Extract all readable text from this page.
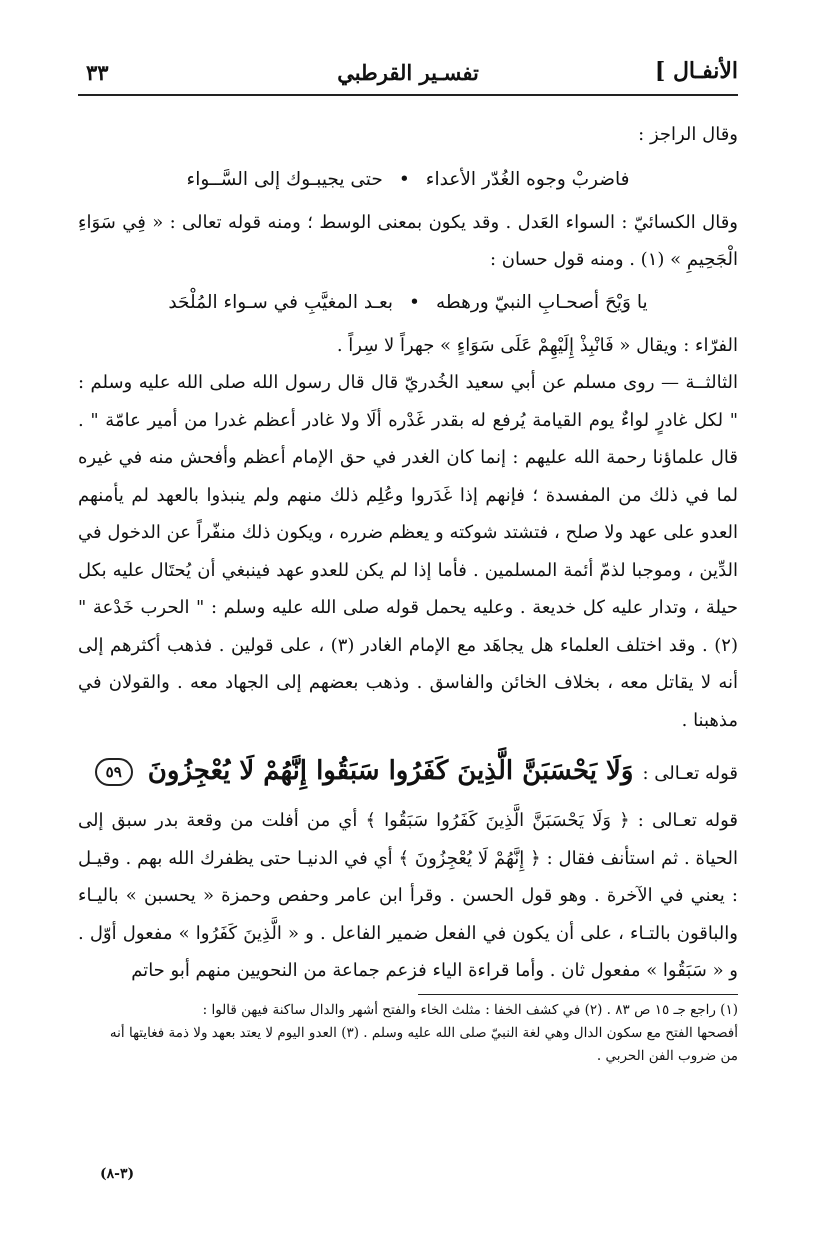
الأنفـال ]
تفسـير القرطبي
٣٣

وقال الراجز :

فاضربْ وجوه الغُدّر الأعداء•حتى يجيبـوك إلى السَّــواء

وقال الكسائيّ : السواء العَدل . وقد يكون بمعنى الوسط ؛ ومنه قوله تعالى : « فِي سَوَاءِ الْجَحِيمِ » (١) . ومنه قول حسان :

يا وَيْحَ أصحـابِ النبيّ ورهطه•بعـد المغيَّبِ في سـواء المُلْحَد

الفرّاء : ويقال « فَانْبِذْ إِلَيْهِمْ عَلَى سَوَاءٍ » جهراً لا سِراً .

الثالثــة — روى مسلم عن أبي سعيد الخُدريّ قال قال رسول الله صلى الله عليه وسلم : " لكل غادرٍ لواءٌ يوم القيامة يُرفع له بقدر غَدْره ألَا ولا غادر أعظم غدرا من أمير عامّة " . قال علماؤنا رحمة الله عليهم : إنما كان الغدر في حق الإمام أعظم وأفحش منه في غيره لما في ذلك من المفسدة ؛ فإنهم إذا غَدَروا وعُلِم ذلك منهم ولم ينبذوا بالعهد لم يأمنهم العدو على عهد ولا صلح ، فتشتد شوكته و يعظم ضرره ، ويكون ذلك منفّراً عن الدخول في الدِّين ، وموجبا لذمّ أئمة المسلمين . فأما إذا لم يكن للعدو عهد فينبغي أن يُحتَال عليه بكل حيلة ، وتدار عليه كل خديعة . وعليه يحمل قوله صلى الله عليه وسلم : " الحرب خَدْعة " (٢) . وقد اختلف العلماء هل يجاهَد مع الإمام الغادر (٣) ، على قولين . فذهب أكثرهم إلى أنه لا يقاتل معه ، بخلاف الخائن والفاسق . وذهب بعضهم إلى الجهاد معه . والقولان في مذهبنا .

قوله تعـالى : وَلَا يَحْسَبَنَّ الَّذِينَ كَفَرُوا سَبَقُوا إِنَّهُمْ لَا يُعْجِزُونَ ٥٩

قوله تعـالى : ﴿ وَلَا يَحْسَبَنَّ الَّذِينَ كَفَرُوا سَبَقُوا ﴾ أي من أفلت من وقعة بدر سبق إلى الحياة . ثم استأنف فقال : ﴿ إِنَّهُمْ لَا يُعْجِزُونَ ﴾ أي في الدنيـا حتى يظفرك الله بهم . وقيـل : يعني في الآخرة . وهو قول الحسن . وقرأ ابن عامر وحفص وحمزة « يحسبن » باليـاء والباقون بالتـاء ، على أن يكون في الفعل ضمير الفاعل . و « الَّذِينَ كَفَرُوا » مفعول أوّل . و « سَبَقُوا » مفعول ثان . وأما قراءة الياء فزعم جماعة من النحويين منهم أبو حاتم

(١) راجع جـ ١٥ ص ٨٣ . (٢) في كشف الخفا : مثلث الخاء والفتح أشهر والدال ساكنة فيهن قالوا :

أفصحها الفتح مع سكون الدال وهي لغة النبيّ صلى الله عليه وسلم . (٣) العدو اليوم لا يعتد بعهد ولا ذمة فغايتها أنه

من ضروب الفن الحربي .

(٣-٨)
